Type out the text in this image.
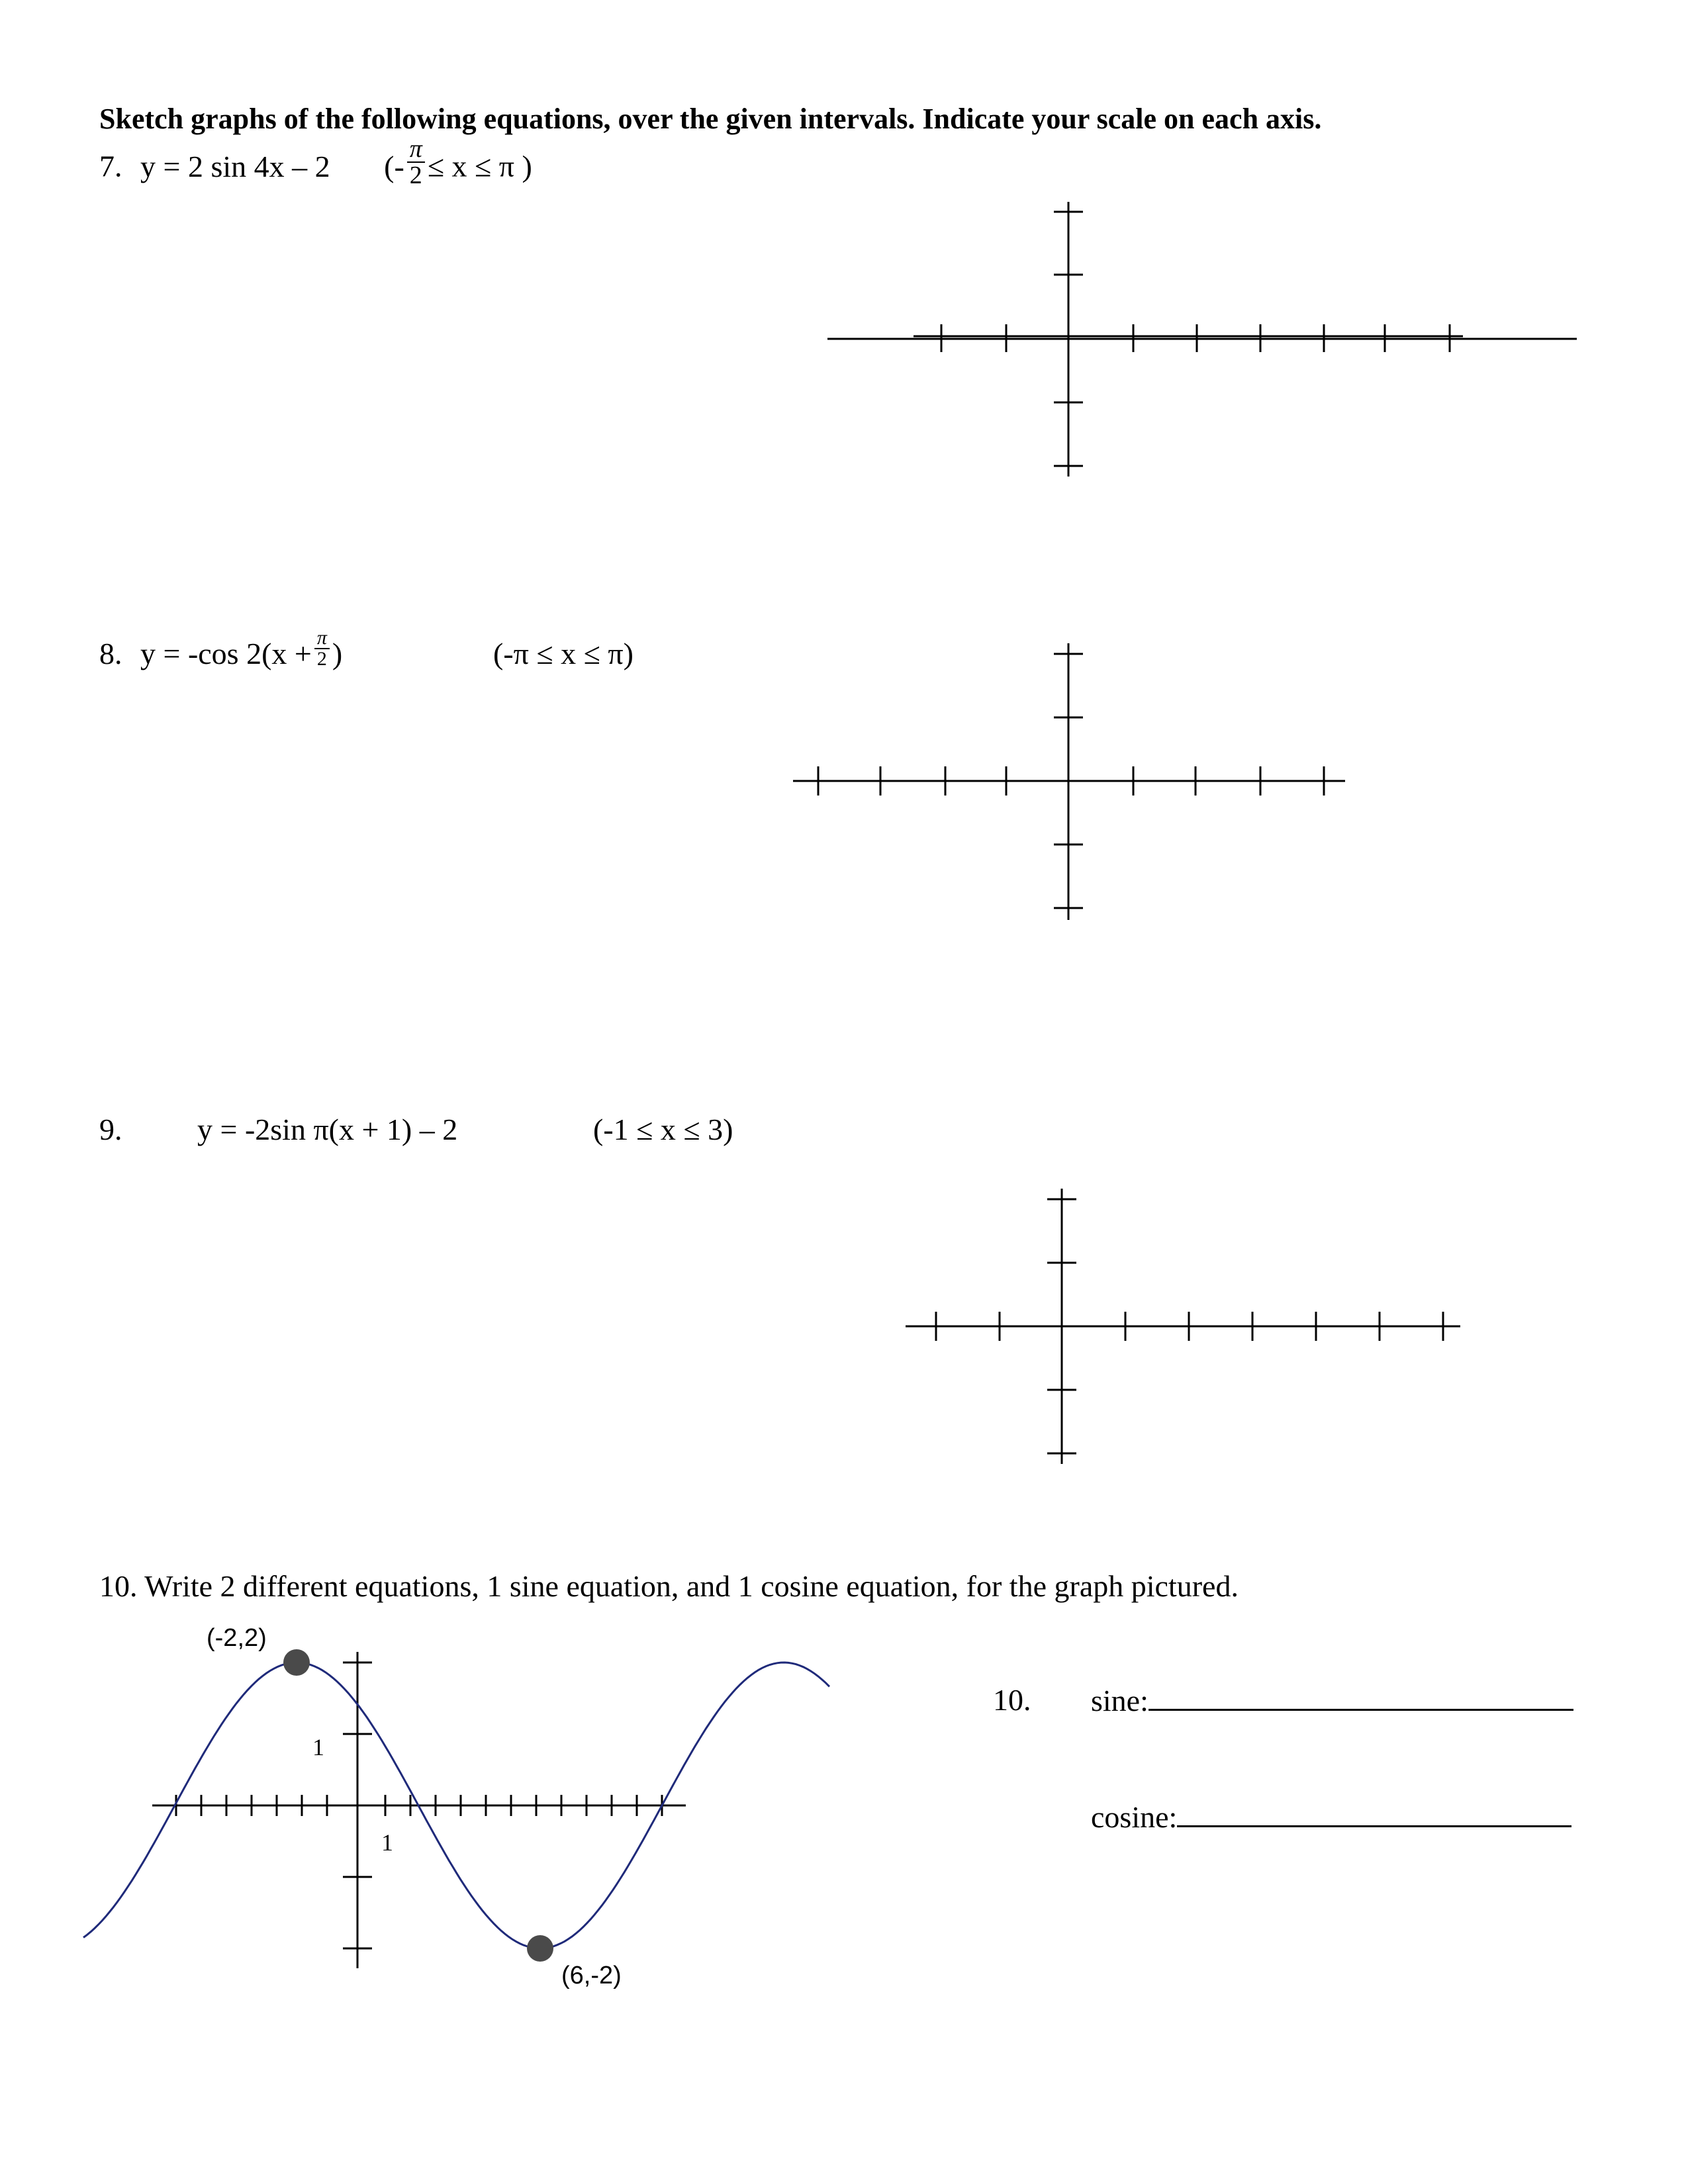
Sketch graphs of the following equations, over the given intervals. Indicate your scale on each axis.
7. y = 2 sin 4x – 2 (- $\frac{\pi}{2} \le x \le \pi$ )
8. y = -cos $2(x + \frac{\pi}{2}$ )	(-π ≤ x ≤ π)
9. y = -2sin π(x + 1) – 2	(-1 ≤ x ≤ 3)
10. Write 2 different equations, 1 sine equation, and 1 cosine equation, for the graph pictured.
(-2,2)
(6,-2)
1
1
10. sine:
cosine:
